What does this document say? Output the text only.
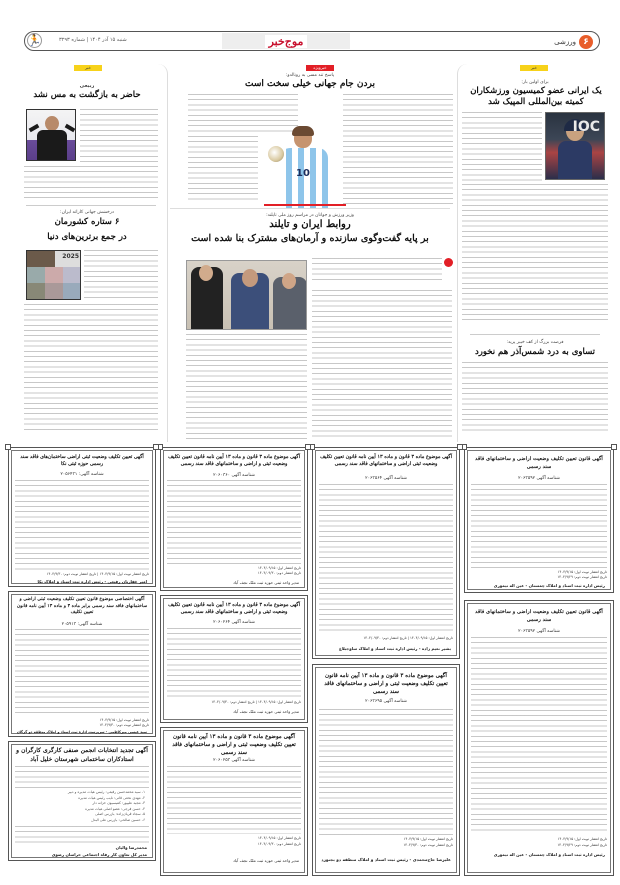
۶
ورزشی
موج‌خبر
شنبه ۱۵ آذر ۱۴۰۴ | شماره ۳۲۹۳
🏃
خبر
خبرویژه
خبر
برای اولین بار:
یک ایرانی عضو کمیسیون ورزشکاران کمیته بین‌المللی المپیک شد
IOC
فرصت بزرگ از کف خیبر پرید:
تساوی به درد شمس‌آذر هم نخورد
پاسخ تند مسی به رونالدو:
بردن جام جهانی خیلی سخت است
10
وزیر ورزش و جوانان در مراسم روز ملی تایلند:
روابط ایران و تایلند
بر پایه گفت‌وگوی سازنده و آرمان‌های مشترک بنا شده است
ربیعی
حاضر به بازگشت به مس نشد
درخشش جهانی کاراته ایران:
۶ ستاره کشورمان
در جمع برترین‌های دنیا
2025
آگهی قانون تعیین تکلیف وضعیت اراضی و ساختمانهای فاقد سند رسمی
شناسه آگهی ۲۰۶۳۵۹۲
تاریخ انتشار نوبت اول: ۱۴۰۴/۹/۱۵
تاریخ انتشار نوبت دوم: ۱۴۰۴/۹/۲۹
رئیس اداره ثبت اسناد و املاک چمستان - عین اله تیموری
آگهی قانون تعیین تکلیف وضعیت اراضی و ساختمانهای فاقد سند رسمی
شناسه آگهی ۲۰۶۳۵۹۲
تاریخ انتشار نوبت اول: ۱۴۰۴/۹/۱۵
تاریخ انتشار نوبت دوم: ۱۴۰۴/۹/۲۹
رئیس اداره ثبت اسناد و املاک چمستان - عین اله تیموری
آگهی موضوع ماده ۳ قانون و ماده ۱۳ آیین نامه قانون تعیین تکلیف وضعیت ثبتی اراضی و ساختمانهای فاقد سند رسمی
شناسه آگهی ۲۰۶۳۵۶۴
تاریخ انتشار اول: ۱۴۰۴/۰۹/۱۵ | تاریخ انتشار دوم: ۱۴۰۴/۰۹/۳۰
بشیر نعیم زاده - رئیس اداره ثبت اسناد و املاک ساوجبلاغ
آگهی موضوع ماده ۳ قانون و ماده ۱۳ آیین نامه قانون تعیین تکلیف وضعیت ثبتی و اراضی و ساختمانهای فاقد سند رسمی
شناسه آگهی ۲۰۶۳۶۹۵
تاریخ انتشار نوبت اول: ۱۴۰۴/۹/۱۵
تاریخ انتشار نوبت دوم: ۱۴۰۴/۹/۳۰
علیرضا حاج‌محمدی - رئیس ثبت اسناد و املاک منطقه دو بجنورد
آگهی موضوع ماده ۳ قانون و ماده ۱۳ آیین نامه قانون تعیین تکلیف وضعیت ثبتی و اراضی و ساختمانهای فاقد سند رسمی
شناسه آگهی ۲۰۶۰۳۶۰
تاریخ انتشار اول: ۱۴۰۴/۰۹/۱۵
تاریخ انتشار دوم: ۱۴۰۴/۰۹/۳۰
مدیر واحد ثبتی حوزه ثبت ملک نجف آباد
آگهی موضوع ماده ۳ قانون و ماده ۱۳ آیین نامه قانون تعیین تکلیف وضعیت ثبتی و اراضی و ساختمانهای فاقد سند رسمی
شناسه آگهی ۲۰۶۰۲۶۴
تاریخ انتشار اول: ۱۴۰۴/۰۹/۱۵ | تاریخ انتشار دوم: ۱۴۰۴/۰۹/۳۰
مدیر واحد ثبتی حوزه ثبت ملک نجف آباد
آگهی موضوع ماده ۳ قانون و ماده ۱۳ آیین نامه قانون تعیین تکلیف وضعیت ثبتی و اراضی و ساختمانهای فاقد سند رسمی
شناسه آگهی ۲۰۶۰۲۵۳
تاریخ انتشار اول: ۱۴۰۴/۰۹/۱۵
تاریخ انتشار دوم: ۱۴۰۴/۰۹/۳۰
مدیر واحد ثبتی حوزه ثبت ملک نجف آباد
آگهی تعیین تکلیف وضعیت ثبتی اراضی ساختمان‌های فاقد سند رسمی حوزه ثبتی نکا
شناسه آگهی: ۲۰۵۶۴۳۱
تاریخ انتشار نوبت اول: ۱۴۰۴/۹/۱۵ | تاریخ انتشار نوبت دوم: ۱۴۰۴/۹/۳۰
امیر غفاریان رفیعی - رئیس اداره ثبت اسناد و املاک نکا
آگهی اختصاصی موضوع قانون تعیین تکلیف وضعیت ثبتی اراضی و ساختمانهای فاقد سند رسمی برابر ماده ۳ و ماده ۱۳ آیین نامه قانون تعیین تکلیف
شناسه آگهی: ۲۰۵۹۱۳
تاریخ انتشار نوبت اول: ۱۴۰۴/۹/۱۵
تاریخ انتشار نوبت دوم: ۱۴۰۴/۹/۳۰
سید عیسی میرکاظمی - سرپرست اداره ثبت اسناد و املاک منطقه دو گرگان
آگهی تجدید انتخابات انجمن صنفی کارگری کارگران و استادکاران ساختمانی شهرستان خلیل آباد
۱- سید محمدحسن رفیعی: رئیس هیات مدیره و دبیر
۲- مهدی نخعی قانی: نایب رئیس هیات مدیره
۳- مجید علیپور: کمیسیون خزانه دار
۴- حسن فرجی: عضو اصلی هیات مدیره
۵- سجاد قربان‌زاده: بازرس اصلی
۶- حسین صالحی: بازرس علی البدل
محمدرضا والیان
مدیر کل تعاون کار رفاه اجتماعی خراسان رضوی
